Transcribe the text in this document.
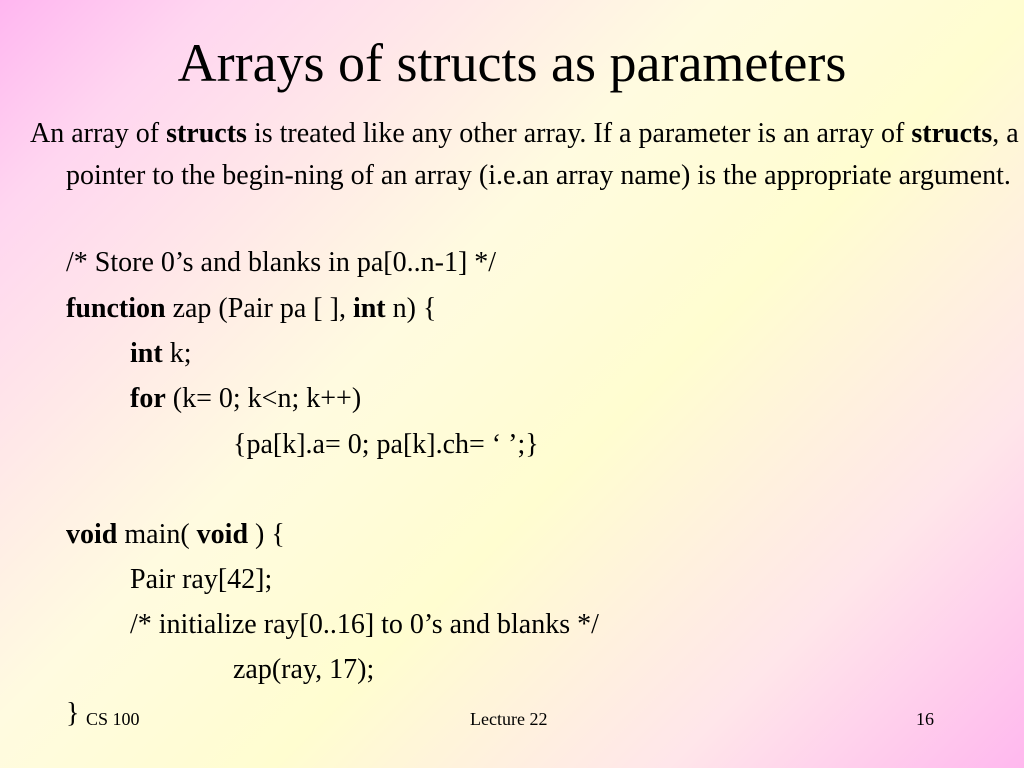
Arrays of structs as parameters
An array of structs is treated like any other array. If a parameter is an array of structs, a pointer to the begin-ning of an array (i.e.an array name) is the appropriate argument.
/* Store 0’s and blanks in pa[0..n-1] */
function zap (Pair pa [ ], int n) {
int k;
for (k= 0; k<n; k++)
{pa[k].a= 0; pa[k].ch= ‘ ’;}
void main( void ) {
Pair ray[42];
/* initialize ray[0..16] to 0’s and blanks */
zap(ray, 17);
} CS 100	Lecture 22	16
